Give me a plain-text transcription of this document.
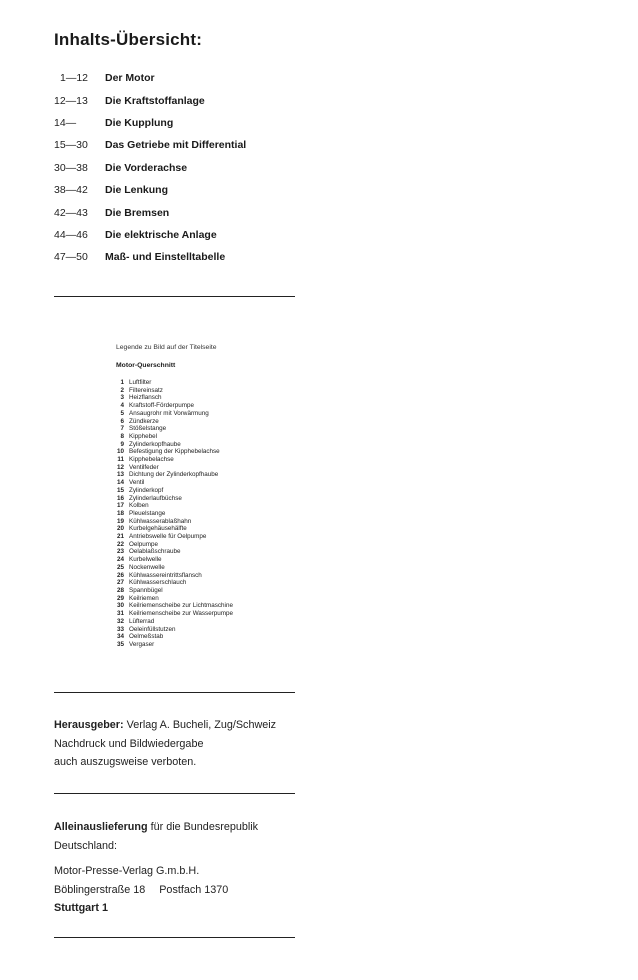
Inhalts-Übersicht:
1—12	Der Motor
12—13	Die Kraftstoffanlage
14—	Die Kupplung
15—30	Das Getriebe mit Differential
30—38	Die Vorderachse
38—42	Die Lenkung
42—43	Die Bremsen
44—46	Die elektrische Anlage
47—50	Maß- und Einstelltabelle
Legende zu Bild auf der Titelseite
Motor-Querschnitt
1 Luftfilter
2 Filtereinsatz
3 Heizflansch
4 Kraftstoff-Förderpumpe
5 Ansaugrohr mit Vorwärmung
6 Zündkerze
7 Stößelstange
8 Kipphebel
9 Zylinderkopfhaube
10 Befestigung der Kipphebelachse
11 Kipphebelachse
12 Ventilfeder
13 Dichtung der Zylinderkopfhaube
14 Ventil
15 Zylinderkopf
16 Zylinderlaufbüchse
17 Kolben
18 Pleuelstange
19 Kühlwasserablaßhahn
20 Kurbelgehäusehälfte
21 Antriebswelle für Oelpumpe
22 Oelpumpe
23 Oelablaßschraube
24 Kurbelwelle
25 Nockenwelle
26 Kühlwassereintrittsflansch
27 Kühlwasserschlauch
28 Spannbügel
29 Keilriemen
30 Keilriemenscheibe zur Lichtmaschine
31 Keilriemenscheibe zur Wasserpumpe
32 Lüfterrad
33 Oeleinfüllstutzen
34 Oelmeßstab
35 Vergaser
Herausgeber: Verlag A. Bucheli, Zug/Schweiz
Nachdruck und Bildwiedergabe
auch auszugsweise verboten.
Alleinauslieferung für die Bundesrepublik
Deutschland:
Motor-Presse-Verlag G.m.b.H.
Böblingerstraße 18 Postfach 1370
Stuttgart 1
